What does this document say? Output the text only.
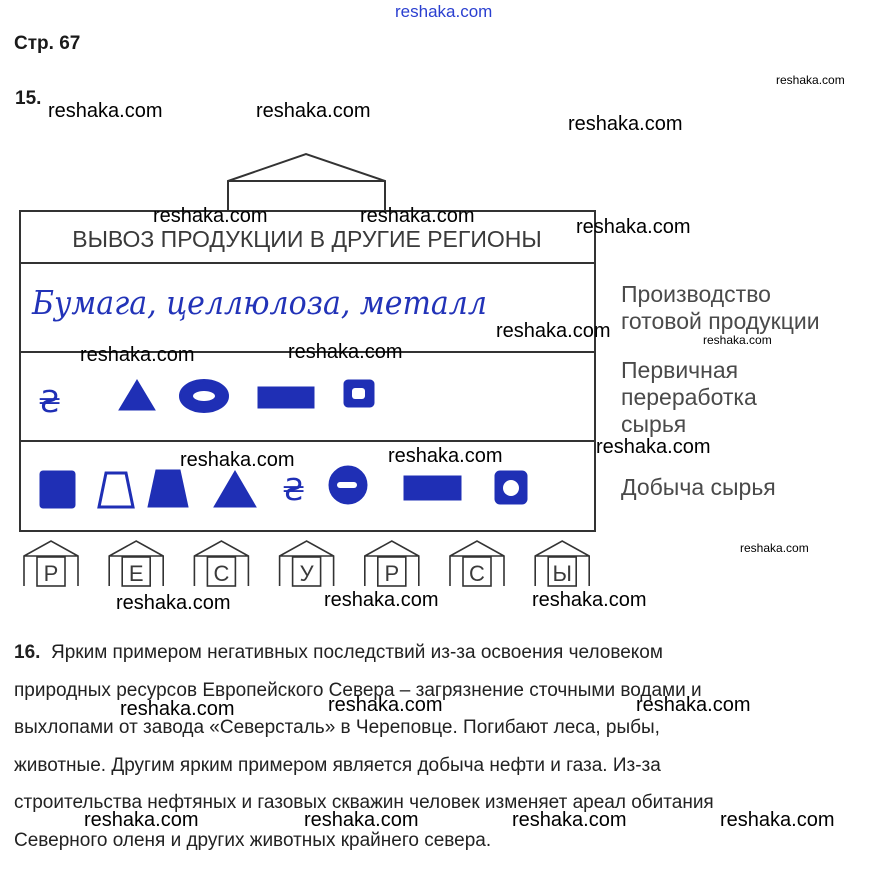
Стр. 67
15.
ВЫВОЗ ПРОДУКЦИИ В ДРУГИЕ РЕГИОНЫ
Бумага, целлюлоза, металл
₴
₴
Р	Е	С	У	Р	С	Ы
Производство
готовой продукции
Первичная
переработка
сырья
Добыча сырья
16. Ярким примером негативных последствий из-за освоения человеком
природных ресурсов Европейского Севера – загрязнение сточными водами и
выхлопами от завода «Северсталь» в Череповце. Погибают леса, рыбы,
животные. Другим ярким примером является добыча нефти и газа. Из-за
строительства нефтяных и газовых скважин человек изменяет ареал обитания
Северного оленя и других животных крайнего севера.
reshaka.com
reshaka.com	reshaka.com
reshaka.com
reshaka.com
reshaka.com	reshaka.com	reshaka.com
reshaka.com	reshaka.com
reshaka.com	reshaka.com
reshaka.com
reshaka.com	reshaka.com
reshaka.com
reshaka.com	reshaka.com	reshaka.com
reshaka.com	reshaka.com	reshaka.com
reshaka.com	reshaka.com	reshaka.com	reshaka.com
